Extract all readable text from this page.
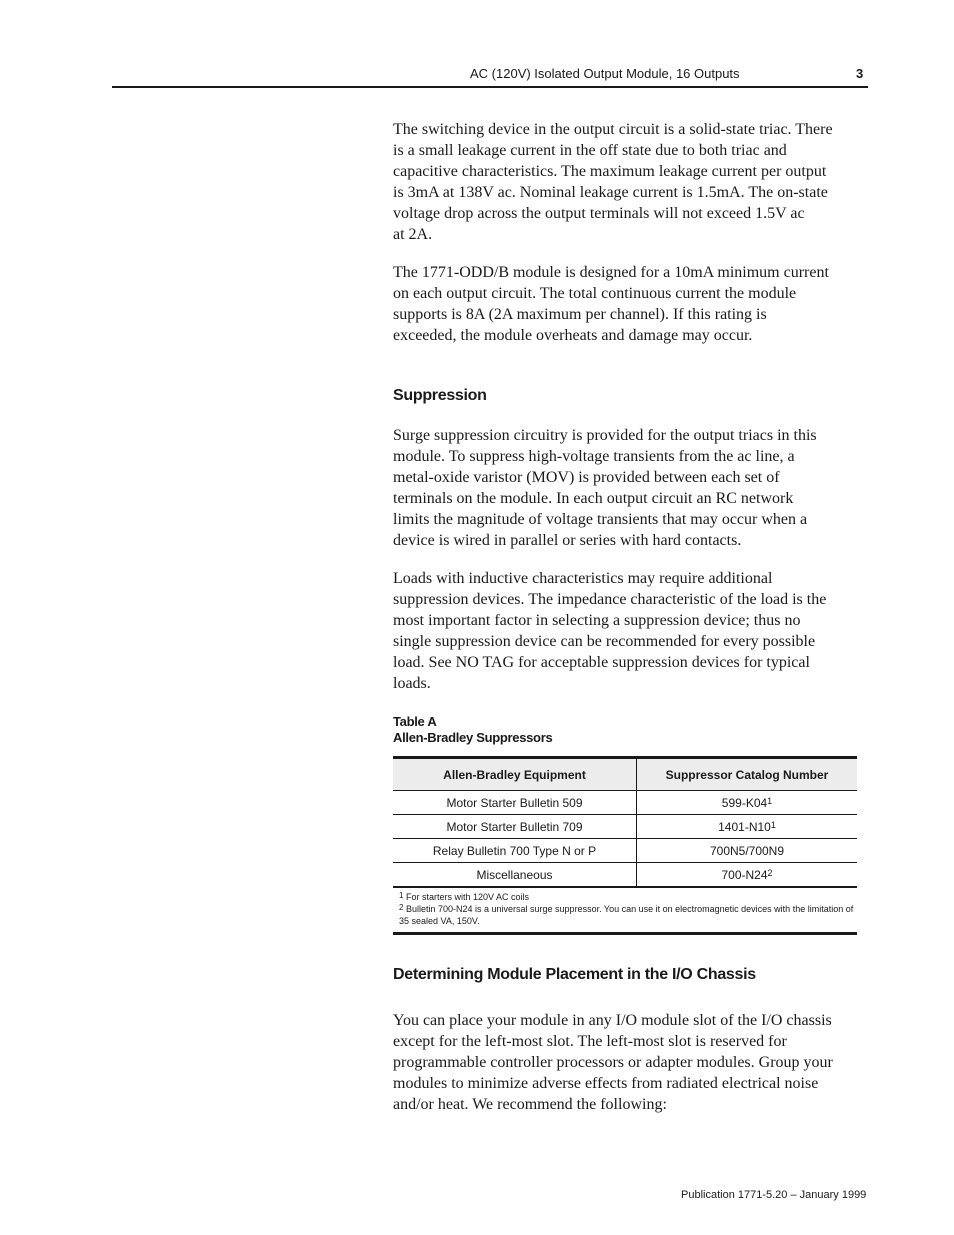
AC (120V) Isolated Output Module, 16 Outputs	3

The switching device in the output circuit is a solid-state triac. There
is a small leakage current in the off state due to both triac and
capacitive characteristics. The maximum leakage current per output
is 3mA at 138V ac. Nominal leakage current is 1.5mA. The on-state
voltage drop across the output terminals will not exceed 1.5V ac
at 2A.

The 1771-ODD/B module is designed for a 10mA minimum current
on each output circuit. The total continuous current the module
supports is 8A (2A maximum per channel). If this rating is
exceeded, the module overheats and damage may occur.

Suppression

Surge suppression circuitry is provided for the output triacs in this
module. To suppress high-voltage transients from the ac line, a
metal-oxide varistor (MOV) is provided between each set of
terminals on the module. In each output circuit an RC network
limits the magnitude of voltage transients that may occur when a
device is wired in parallel or series with hard contacts.

Loads with inductive characteristics may require additional
suppression devices. The impedance characteristic of the load is the
most important factor in selecting a suppression device; thus no
single suppression device can be recommended for every possible
load. See NO TAG for acceptable suppression devices for typical
loads.

Table A
Allen-Bradley Suppressors
Allen-Bradley Equipment	Suppressor Catalog Number
Motor Starter Bulletin 509	$599-K04^1$
Motor Starter Bulletin 709	$1401-N10^1$
Relay Bulletin 700 Type N or P	700N5/700N9
Miscellaneous	$700-N24^2$
$^1$ For starters with 120V AC coils
$^2$ Bulletin 700-N24 is a universal surge suppressor. You can use it on electromagnetic devices with the limitation of
35 sealed VA, 150V.
Determining Module Placement in the I/O Chassis

You can place your module in any I/O module slot of the I/O chassis
except for the left-most slot. The left-most slot is reserved for
programmable controller processors or adapter modules. Group your
modules to minimize adverse effects from radiated electrical noise
and/or heat. We recommend the following:

Publication 1771-5.20 – January 1999
